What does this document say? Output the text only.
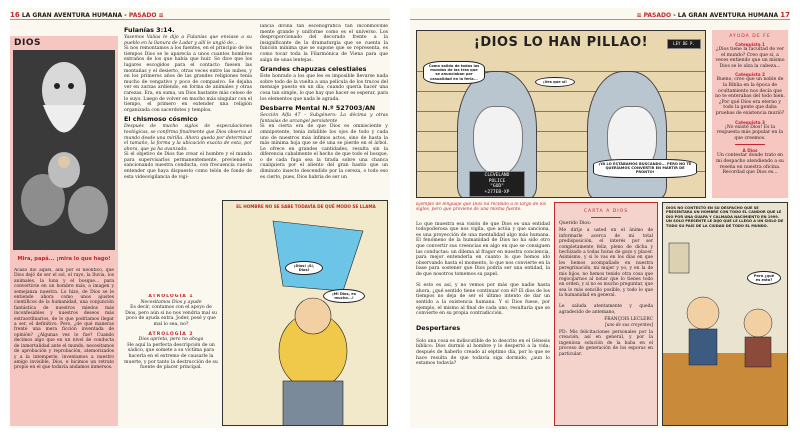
16 LA GRAN AVENTURA HUMANA - PASADO ≡
DIOS
Mira, papá... ¡mira lo que hago!
Acaso dio aquel, allá por el neolítico, que Dios dejó de ser el sol, el rayo, la lluvia, los animales, la luna y el bosque... para convertirse en un hombre más, a imagen y semejanza nuestra. Lo hizo, de Dios se le entiende ahora como unos ajustes científicos de la humanidad, una conjunción fantástica de nuestros miedos más inconfesables y nuestros deseos más extraordinarios, de lo que podríamos llegar a ser, el definitivo. Pero, ¿de qué maneras frente una mera ficción inventada de opinión? ¿Algunas vez lo fue? Cuando decimos algo que en un nivel de conducta de inmortalidad ante el mundo, necesitamos de aprobación y reprobación, atemorizados y a la intemperie, inventamos a nuestro amigo invisible, Dios, e hicimos un retrato propio en el que todavía andamos inmersos.
Fulanías 3:14.
Yasemos Valías le dijo a Fulanías que enviase a su pueblo en la llanura de Ladar y allí le ungió de...
Si nos remontamos a los fuentes, en el principio de los tiempos Dios se le aparecía a unos cuantos hombres extraños de los que había que huir. Se dice que los lugares escogidos para el contacto fuesen las montañas y el desierto, otras veces entre las nubes, y en los primeros años de las grandes religiones tenía mucho de vengativo y poco de compasivo. Se dejaba ver en zarzas ardiendo, en forma de animales y otras rarezas. Era, en suma, un Dios bastante más celoso de lo suyo. Luego de volver en mucho más singular con el tiempo, el primero en extender una religión organizada con sacerdotes y templos.
El chismoso cósmico
Después de mucho siglos de especulaciones teológicas, se confirma finalmente que Dios observa al mundo desde una mirilla. Ahora queda por determinar el tamaño, la forma y la ubicación exacta de esta, por ahora, que ya ha avanzado.
Si el objetivo de Dios fue crear el hombre y el mundo para supervisarlos permanentemente, previendo o sancionando nuestra conducta, con frecuencia cuesta entender que haya dispuesto como telón de fondo de esta videovigilancia de vigi-
lancia divina tan escenográfica tan inconmovible mente grande y uniforme como es el universo. Los desproporcionado del decorado frente a la insignificante de la dramaturgia que se cuenta la función mínima que se supone que se representa, es como tocar toda la Filarmónica de Viena para que salga de unas lentejas.
Grandes chapuzas celestiales
Este honrado a los que les es imposible llevarse nada sobre todo de la vuelta a una película de los trucos del mensaje puesto en un día; cuando quería hacer una cosa tan simple, lo que hay que hacer es esperar, para los elementos que nada le agrada.
Desbarre Mental N.º 527003/AN
Sección Alfa 47 – Subgénero: La décima y otras fantasías de arcangel persistente
Si en cierta era de que Dios es omnisciente y omnipotente, tenía infalible los ojos de todo y cada uno de nuestros más ínfimos actos, sino de hasta la más mínima hoja que se dé una se pierde en el árbol. Le ofrece en grandes cantidades, resulta sin la diferencia cabalmente el hecho de que todo el bosque, o de cada fuga sea la tirada sobre una chanca cualquiera por el aliento del gran hastío que un diminuto insecto descendido por la cereza, o todo eso es cierto, pues, Dios habría de ser un
EL HOMBRE NO SE SABE TODAVÍA DE QUÉ MODO SE LLAMA
¡Mi Dios, es mucho...!
¡Dios! ¡Sí, Dios!
ATROLOGÍA 1
Necesitamos Dios y ayude
Es decir, contamos con el apoyo de Dios, pero aún si no nos vendría mal su poco de ayuda extra. Joder, pesé y que mal lo sea, no?
ATROLOGÍA 2
Dios aprieta, pero no ahoga
He aquí la perfecta descripción de un sádico, que somete a su víctima para hacerla en el extremo de causarle la muerte, y por tanto la destrucción de su fuente de placer principal.
≡ PASADO - LA GRAN AVENTURA HUMANA 17
¡DIOS LO HAN PILLAO!
CLEVELAND
POLICE
"GOD"
+277EB-XP
LEY DE P.
Como salido de todos los mundos de las tras que se anunciaban por casualidad en la feria...
¡Ves que sí!
¡YA LO ESTÁBAMOS BUSCANDO... PERO NO TE QUERÍAMOS CONVERTIR EN MÁRTIR DE PRONTO!
AYUDA DE FE
Catequista 1
¿Dios tiene la facultad de ver el mundo? Creo que sí, a veces entiendo que un mismo Dios se le alza la cabeza...
Catequista 2
Bueno, creo que un noble de la Biblia en la época de ocultamiento nos decía que no te enterabas del todo bien. ¿Por qué Dios era eterno y todo la gente que daba pruebas de existencia murió?
Catequista 3
¡No existe Dios! Es la respuesta más popular en la que creemos.
A Dios
Un contestar donde trato en mi despacho atendiendo a su reseña en nuestra oficina. Recordad que Dios es...
Ejemplo de lenguaje que Dios ha recibido a lo largo de los siglos, pero que proviene de una misma fuente.

Lo que muestra esa visión de que Dios es una entidad todopoderosa que nos vigila, que actúa y que sanciona, es una proyección de una mentalidad algo más humana. El fenómeno de la humanidad de Dios no ha sido otro que convertir sus creencias en algo en que se consiguen las conductas: un dilema al fragor en nuestra conciencia, para mejor entenderla en cuanto lo que hemos ido observando hasta el momento, lo que nos convierte en la base para sostener que Dios podría ser una entidad, la de que nosotros tomemos su papel.

Si esto es así, y no vemos por más que nadie hasta ahora, ¿qué sentido tiene continuar con él? El dios de los tiempos no deja de ser el último intento de dar un sentido a la existencia humana. Y si Dios fuese, por ejemplo, el mismo al final de cada uno, resultaría que se convierte en su propia contradicción.

Despertares

Solo una cosa es indiscutible de lo descrito en el Génesis bíblico: Dios durmió al hombre y lo despertó a la vida; después de haberlo creado al séptimo día, por lo que se hace resulta de que todavía siga dormido, ¿aun lo estamos todavía?

CARTA A DIOS
Querido Dios:
Me dirijo a usted en el ánimo de informarle acerca de mi total predisposición, el interés por ser completamente feliz, pleno de dicha y hechizado a todas horas de gozo y placer. Asimismo, y si lo vas en los días en que les hemos acompañado en nuestra peregrinación, mi mujer y yo, y en la de mis hijos, no hemos tenido otra cosa que regocijarnos al notar que lo tienes todo en orden, y si no es mucho preguntar, que sea lo más sencillo posible, y todo lo que la humanidad en general.

Le saluda atentamente y queda agradecido de antemano,
FRANÇOIS LECLERC
[uno de sus creyentes]
PD: Mis felicitaciones personales por la creación, así en general, y por la ingeniosa solución de la baba en el proceso de generación de los esporas en particular.
DIOS NO CONTESTÓ EN SU DESPACHO QUE SE PRESENTARA UN HOMBRE CON TODO EL CANDOR QUE LE DIO POR UNA GUAPA Y CALMADA NACIMIENTO EN 1999. UN SOLO PRESENTE LE DIJO QUE LE LLEGÓ A UN SIGLO DE TODO SU PAÍS DE LA CIUDAD DE TODO EL MUNDO.
Pero ¿qué es esto?
